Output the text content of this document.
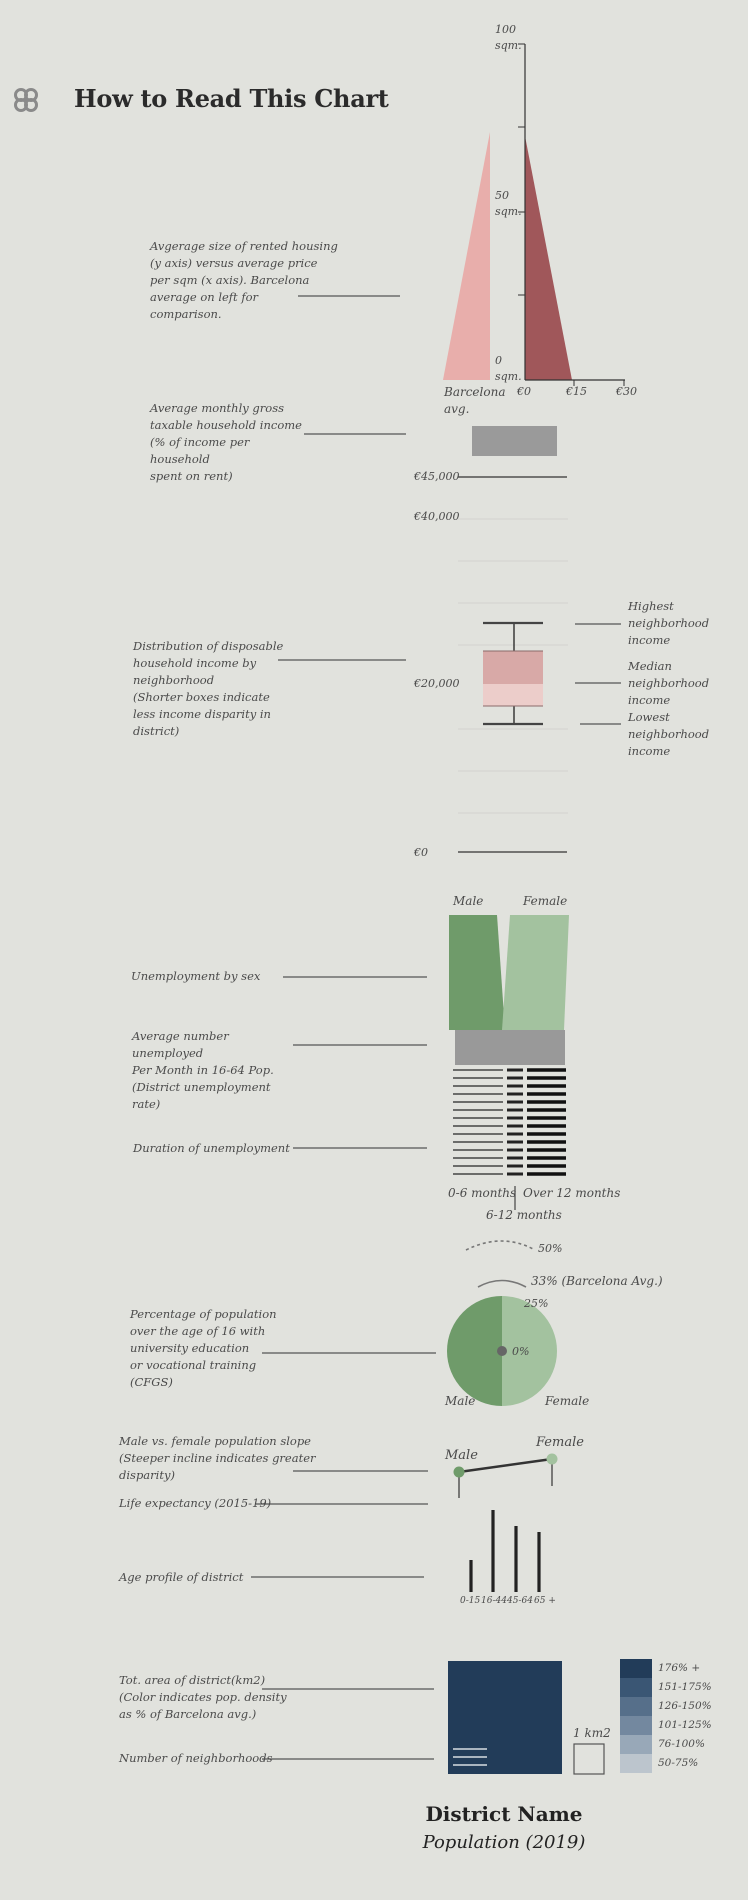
How to Read This Chart
Avgerage size of rented housing
(y axis) versus average price
per sqm (x axis). Barcelona
average on left for
comparison.
100
sqm.
50
sqm.
0
sqm.
€0	€15	€30
Barcelona
avg.
Average monthly gross
taxable household income
(% of income per household
spent on rent)	€45,000
€40,000
€20,000
€0
Distribution of disposable
household income by
neighborhood
(Shorter boxes indicate
less income disparity in district)
Highest
neighborhood
income
Median
neighborhood
income
Lowest
neighborhood
income
Male	Female
Unemployment by sex
Average number unemployed
Per Month in 16-64 Pop.
(District unemployment rate)
Duration of unemployment
0-6 months Over 12 months
6-12 months
Percentage of population
over the age of 16 with
university education
or vocational training
(CFGS)
50%
33% (Barcelona Avg.)
25%
0%
Male	Female
Male vs. female population slope
(Steeper incline indicates greater
disparity)
Male
Female
Life expectancy (2015-19)
Age profile of district
0-15 16-44 45-64 65 +
Tot. area of district(km2)
(Color indicates pop. density
as % of Barcelona avg.)
Number of neighborhoods
1 km2
176% +
151-175%
126-150%
101-125%
76-100%
50-75%
District Name
Population (2019)
